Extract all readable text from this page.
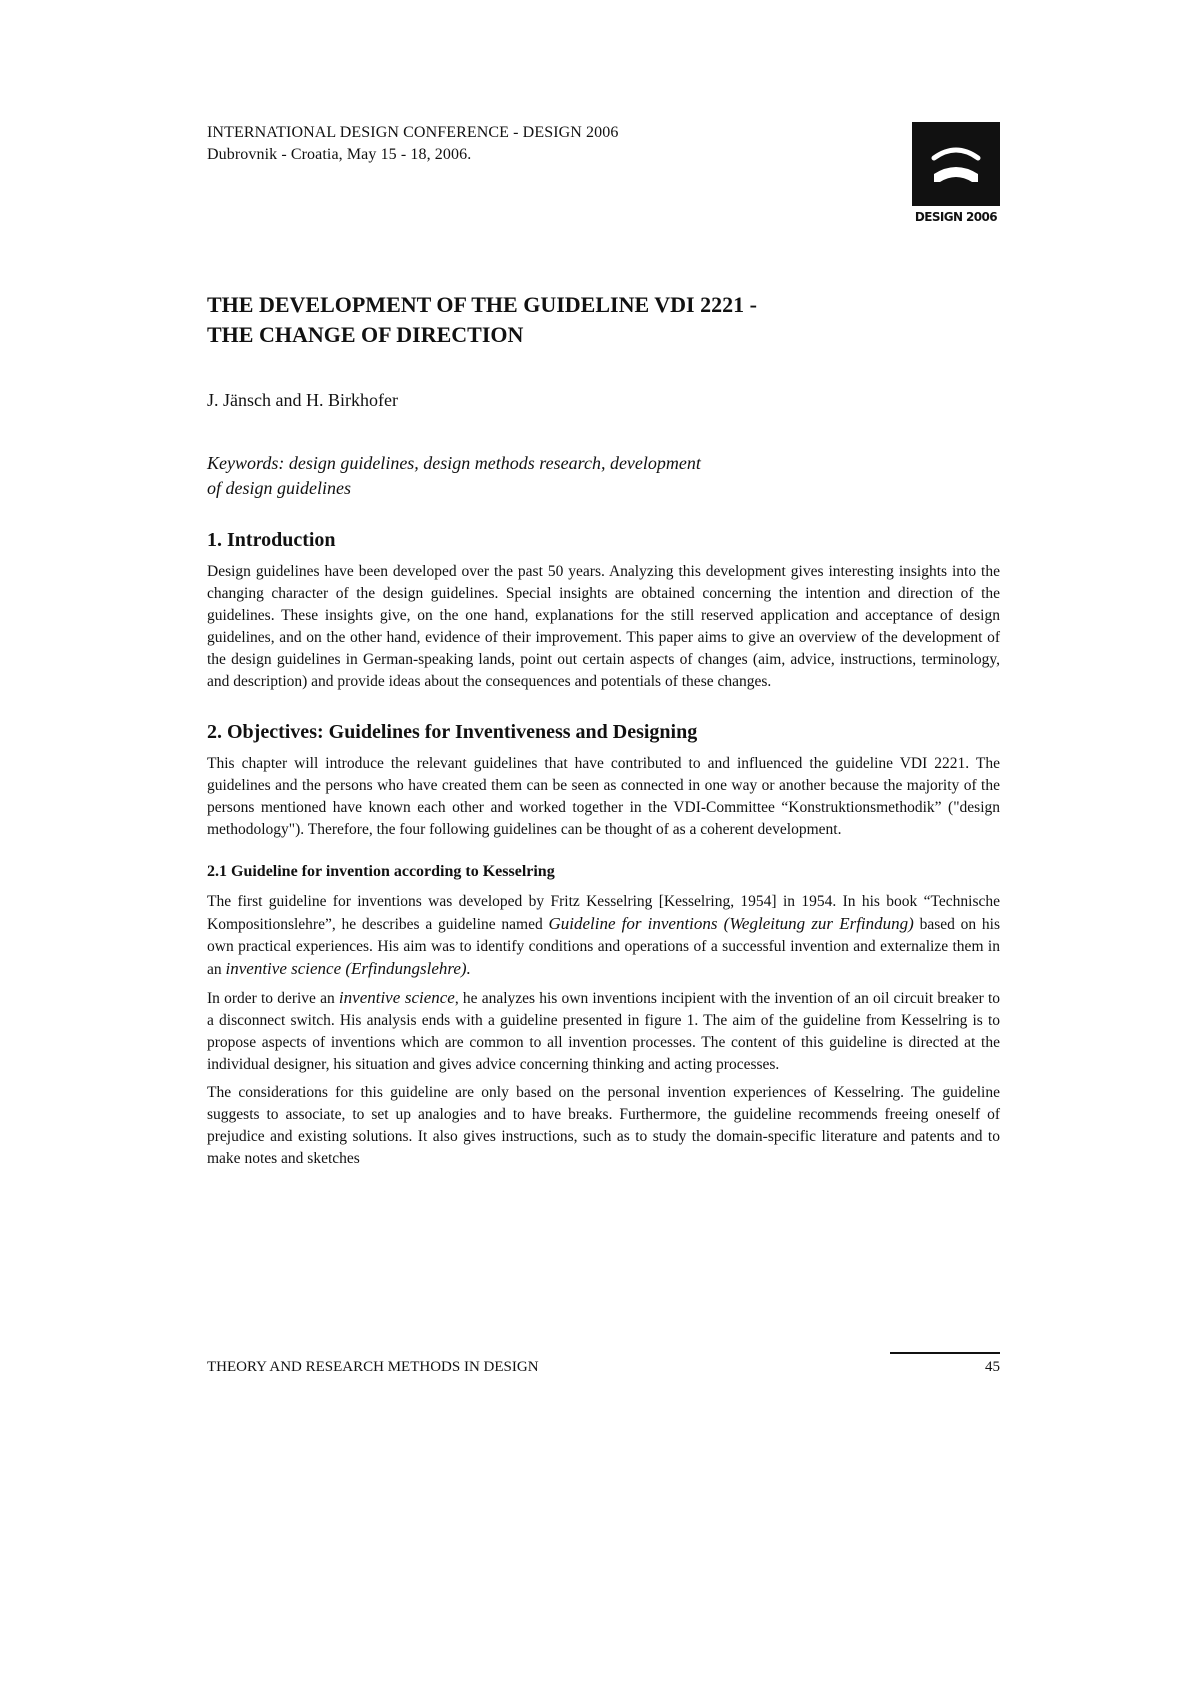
INTERNATIONAL DESIGN CONFERENCE - DESIGN 2006
Dubrovnik - Croatia, May 15 - 18, 2006.
DESIGN 2006
THE DEVELOPMENT OF THE GUIDELINE VDI 2221 -
THE CHANGE OF DIRECTION
J. Jänsch and H. Birkhofer
Keywords: design guidelines, design methods research, development
of design guidelines
1. Introduction

Design guidelines have been developed over the past 50 years. Analyzing this development gives interesting insights into the changing character of the design guidelines. Special insights are obtained concerning the intention and direction of the guidelines. These insights give, on the one hand, explanations for the still reserved application and acceptance of design guidelines, and on the other hand, evidence of their improvement. This paper aims to give an overview of the development of the design guidelines in German-speaking lands, point out certain aspects of changes (aim, advice, instructions, terminology, and description) and provide ideas about the consequences and potentials of these changes.

2. Objectives: Guidelines for Inventiveness and Designing

This chapter will introduce the relevant guidelines that have contributed to and influenced the guideline VDI 2221. The guidelines and the persons who have created them can be seen as connected in one way or another because the majority of the persons mentioned have known each other and worked together in the VDI-Committee “Konstruktionsmethodik” ("design methodology"). Therefore, the four following guidelines can be thought of as a coherent development.

2.1 Guideline for invention according to Kesselring

The first guideline for inventions was developed by Fritz Kesselring [Kesselring, 1954] in 1954. In his book “Technische Kompositionslehre”, he describes a guideline named Guideline for inventions (Wegleitung zur Erfindung) based on his own practical experiences. His aim was to identify conditions and operations of a successful invention and externalize them in an inventive science (Erfindungslehre).

In order to derive an inventive science, he analyzes his own inventions incipient with the invention of an oil circuit breaker to a disconnect switch. His analysis ends with a guideline presented in figure 1. The aim of the guideline from Kesselring is to propose aspects of inventions which are common to all invention processes. The content of this guideline is directed at the individual designer, his situation and gives advice concerning thinking and acting processes.

The considerations for this guideline are only based on the personal invention experiences of Kesselring. The guideline suggests to associate, to set up analogies and to have breaks. Furthermore, the guideline recommends freeing oneself of prejudice and existing solutions. It also gives instructions, such as to study the domain-specific literature and patents and to make notes and sketches

THEORY AND RESEARCH METHODS IN DESIGN	45
